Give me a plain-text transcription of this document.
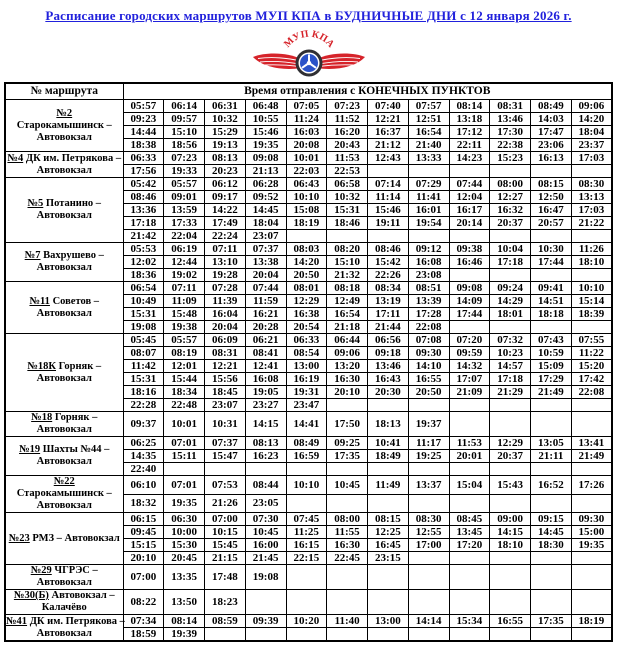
Расписание городских маршрутов МУП КПА в БУДНИЧНЫЕ ДНИ с 12 января 2026 г.
МУП КПА
№ маршрута	Время отправления с КОНЕЧНЫХ ПУНКТОВ											

№2
Старокамышинск –
Автовокзал	05:57	06:14	06:31	06:48	07:05	07:23	07:40	07:57	08:14	08:31	08:49	09:06
	09:23	09:57	10:32	10:55	11:24	11:52	12:21	12:51	13:18	13:46	14:03	14:20
	14:44	15:10	15:29	15:46	16:03	16:20	16:37	16:54	17:12	17:30	17:47	18:04
	18:38	18:56	19:13	19:35	20:08	20:43	21:12	21:40	22:11	22:38	23:06	23:37

№4 ДК им. Петрякова –
Автовокзал	06:33	07:23	08:13	09:08	10:01	11:53	12:43	13:33	14:23	15:23	16:13	17:03
	17:56	19:33	20:23	21:13	22:03	22:53						

№5 Потанино –
Автовокзал	05:42	05:57	06:12	06:28	06:43	06:58	07:14	07:29	07:44	08:00	08:15	08:30
	08:46	09:01	09:17	09:52	10:10	10:32	11:14	11:41	12:04	12:27	12:50	13:13
	13:36	13:59	14:22	14:45	15:08	15:31	15:46	16:01	16:17	16:32	16:47	17:03
	17:18	17:33	17:49	18:04	18:19	18:46	19:11	19:54	20:14	20:37	20:57	21:22
	21:42	22:04	22:24	23:07								

№7 Вахрушево –
Автовокзал	05:53	06:19	07:11	07:37	08:03	08:20	08:46	09:12	09:38	10:04	10:30	11:26
	12:02	12:44	13:10	13:38	14:20	15:10	15:42	16:08	16:46	17:18	17:44	18:10
	18:36	19:02	19:28	20:04	20:50	21:32	22:26	23:08				

№11 Советов –
Автовокзал	06:54	07:11	07:28	07:44	08:01	08:18	08:34	08:51	09:08	09:24	09:41	10:10
	10:49	11:09	11:39	11:59	12:29	12:49	13:19	13:39	14:09	14:29	14:51	15:14
	15:31	15:48	16:04	16:21	16:38	16:54	17:11	17:28	17:44	18:01	18:18	18:39
	19:08	19:38	20:04	20:28	20:54	21:18	21:44	22:08				

№18К Горняк –
Автовокзал	05:45	05:57	06:09	06:21	06:33	06:44	06:56	07:08	07:20	07:32	07:43	07:55
	08:07	08:19	08:31	08:41	08:54	09:06	09:18	09:30	09:59	10:23	10:59	11:22
	11:42	12:01	12:21	12:41	13:00	13:20	13:46	14:10	14:32	14:57	15:09	15:20
	15:31	15:44	15:56	16:08	16:19	16:30	16:43	16:55	17:07	17:18	17:29	17:42
	18:16	18:34	18:45	19:05	19:31	20:10	20:30	20:50	21:09	21:29	21:49	22:08
	22:28	22:48	23:07	23:27	23:47							

№18 Горняк –
Автовокзал	09:37	10:01	10:31	14:15	14:41	17:50	18:13	19:37				

№19 Шахты №44 –
Автовокзал	06:25	07:01	07:37	08:13	08:49	09:25	10:41	11:17	11:53	12:29	13:05	13:41
	14:35	15:11	15:47	16:23	16:59	17:35	18:49	19:25	20:01	20:37	21:11	21:49
	22:40											

№22
Старокамышинск –
Автовокзал	06:10	07:01	07:53	08:44	10:10	10:45	11:49	13:37	15:04	15:43	16:52	17:26
	18:32	19:35	21:26	23:05								

№23 РМЗ – Автовокзал	06:15	06:30	07:00	07:30	07:45	08:00	08:15	08:30	08:45	09:00	09:15	09:30
	09:45	10:00	10:15	10:45	11:25	11:55	12:25	12:55	13:45	14:15	14:45	15:00
	15:15	15:30	15:45	16:00	16:15	16:30	16:45	17:00	17:20	18:10	18:30	19:35
	20:10	20:45	21:15	21:45	22:15	22:45	23:15					

№29 ЧГРЭС –
Автовокзал	07:00	13:35	17:48	19:08								

№30(Б) Автовокзал –
Калачёво	08:22	13:50	18:23									

№41 ДК им. Петрякова –
Автовокзал	07:34	08:14	08:59	09:39	10:20	11:40	13:00	14:14	15:34	16:55	17:35	18:19
	18:59	19:39										
